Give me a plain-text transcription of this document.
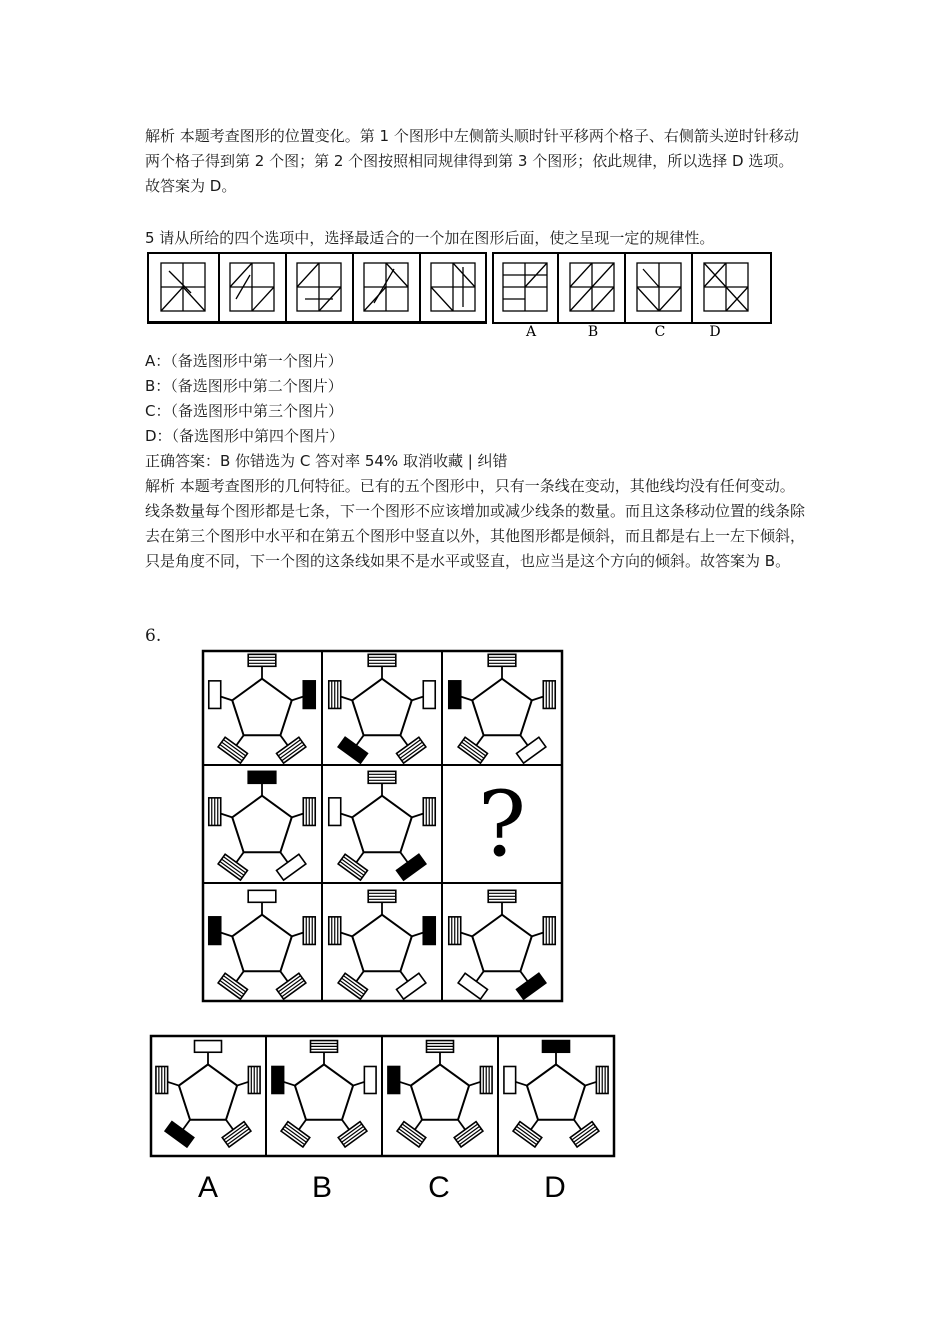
解析 本题考查图形的位置变化。第 1 个图形中左侧箭头顺时针平移两个格子、右侧箭头逆时针移动两个格子得到第 2 个图；第 2 个图按照相同规律得到第 3 个图形；依此规律，所以选择 D 选项。故答案为 D。

5 请从所给的四个选项中，选择最适合的一个加在图形后面，使之呈现一定的规律性。

A	B	C	D

A：（备选图形中第一个图片）

B：（备选图形中第二个图片）

C：（备选图形中第三个图片）

D：（备选图形中第四个图片）

正确答案：B 你错选为 C 答对率 54% 取消收藏 | 纠错

解析 本题考查图形的几何特征。已有的五个图形中，只有一条线在变动，其他线均没有任何变动。线条数量每个图形都是七条，下一个图形不应该增加或减少线条的数量。而且这条移动位置的线条除去在第三个图形中水平和在第五个图形中竖直以外，其他图形都是倾斜，而且都是右上一左下倾斜，只是角度不同，下一个图的这条线如果不是水平或竖直，也应当是这个方向的倾斜。故答案为 B。

6.
?
A	B	C	D
